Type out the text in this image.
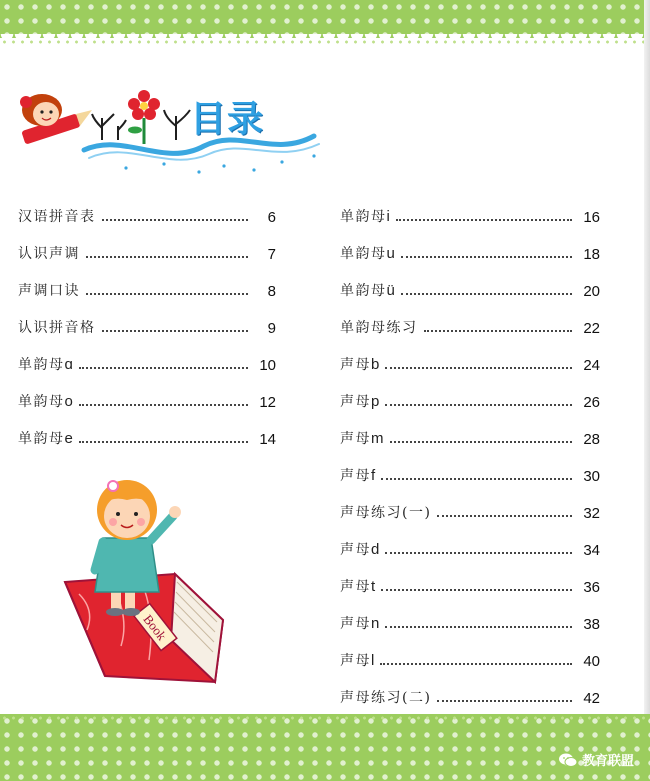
目录
汉语拼音表	6
认识声调	7
声调口诀	8
认识拼音格	9
单韵母ɑ	10
单韵母o	12
单韵母e	14
单韵母i	16
单韵母u	18
单韵母ü	20
单韵母练习	22
声母b	24
声母p	26
声母m	28
声母f	30
声母练习(一)	32
声母d	34
声母t	36
声母n	38
声母l	40
声母练习(二)	42
Book
教育联盟
